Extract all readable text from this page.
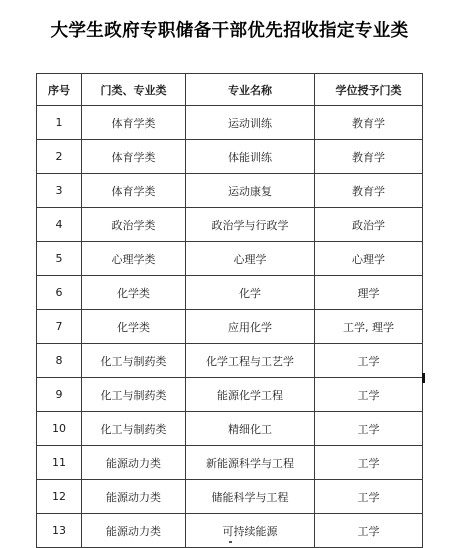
大学生政府专职储备干部优先招收指定专业类
序号	门类、专业类	专业名称	学位授予门类
1	体育学类	运动训练	教育学
2	体育学类	体能训练	教育学
3	体育学类	运动康复	教育学
4	政治学类	政治学与行政学	政治学
5	心理学类	心理学	心理学
6	化学类	化学	理学
7	化学类	应用化学	工学, 理学
8	化工与制药类	化学工程与工艺学	工学
9	化工与制药类	能源化学工程	工学
10	化工与制药类	精细化工	工学
11	能源动力类	新能源科学与工程	工学
12	能源动力类	储能科学与工程	工学
13	能源动力类	可持续能源	工学
